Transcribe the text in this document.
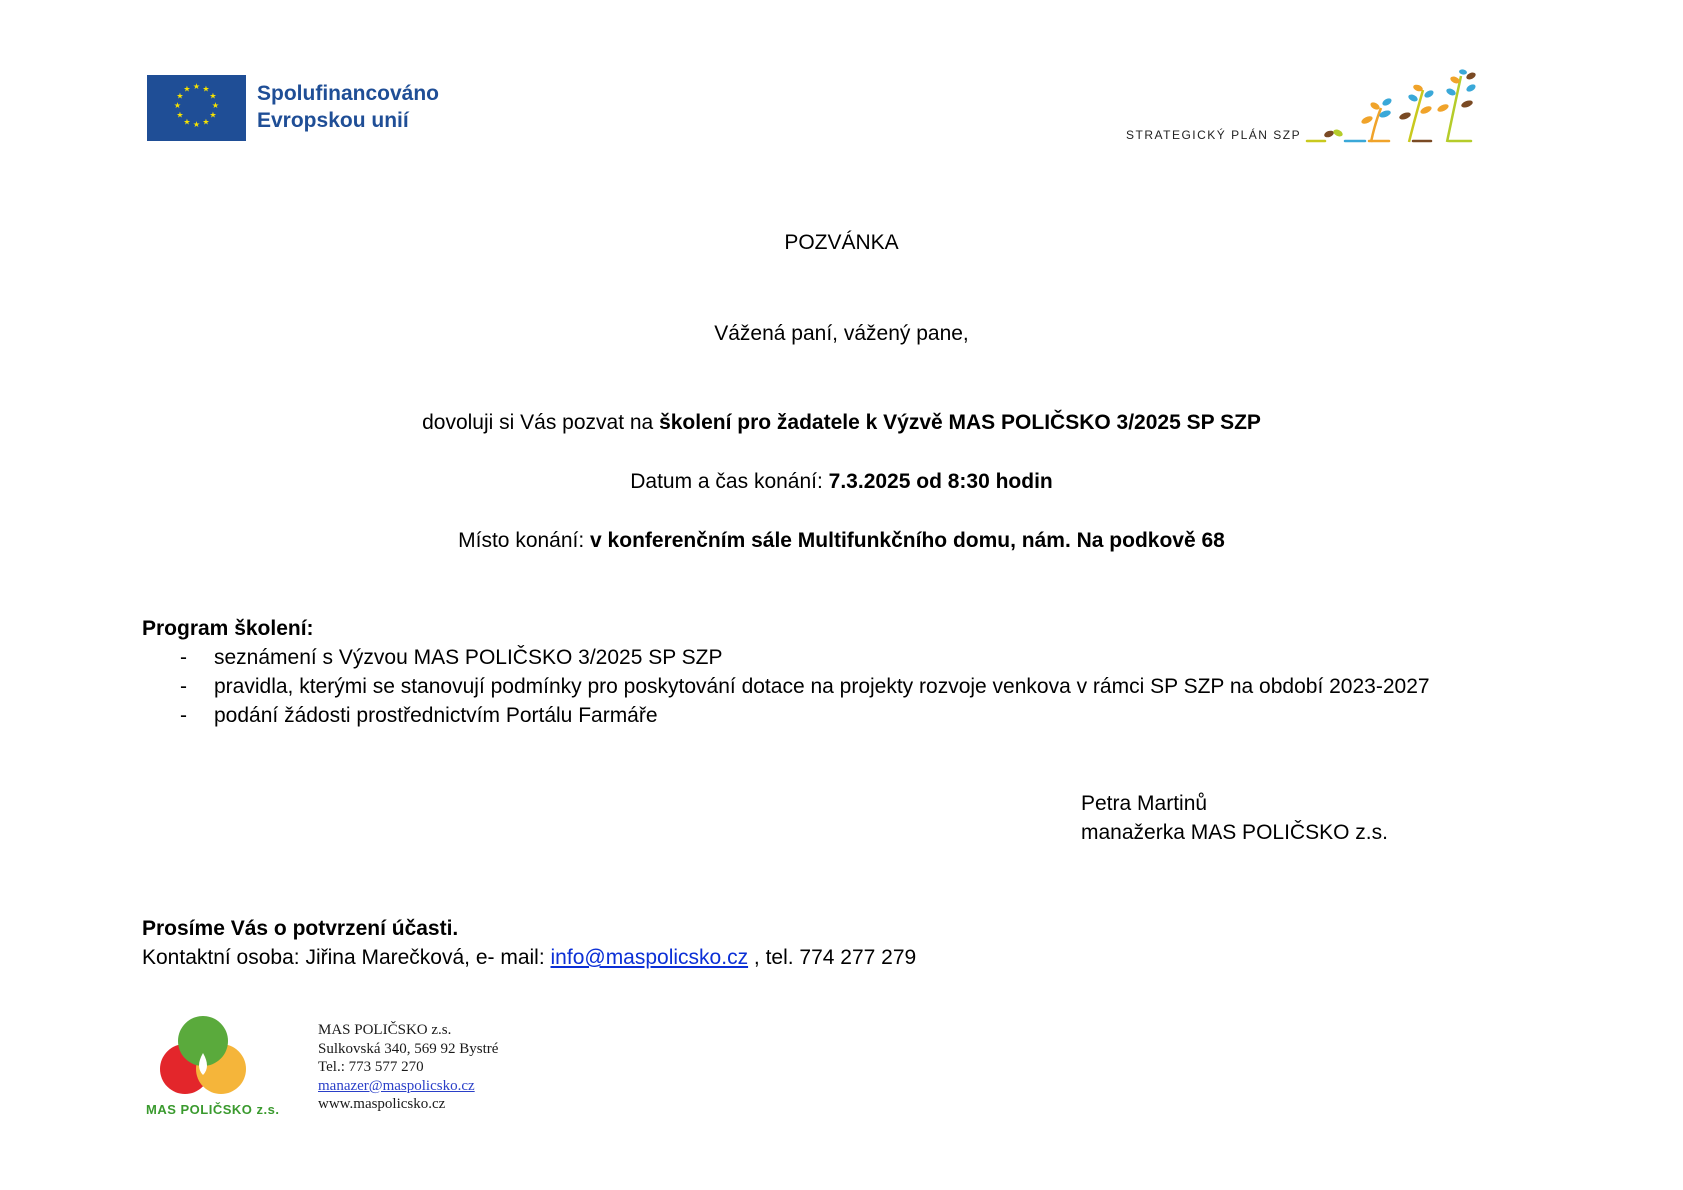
★ ★
★
★
★
★
★
★
★
★
★
★	Spolufinancováno
Evropskou unií
STRATEGICKÝ PLÁN SZP
POZVÁNKA
Vážená paní, vážený pane,
dovoluji si Vás pozvat na školení pro žadatele k Výzvě MAS POLIČSKO 3/2025 SP SZP
Datum a čas konání: 7.3.2025 od 8:30 hodin
Místo konání: v konferenčním sále Multifunkčního domu, nám. Na podkově 68
Program školení:
- seznámení s Výzvou MAS POLIČSKO 3/2025 SP SZP
- pravidla, kterými se stanovují podmínky pro poskytování dotace na projekty rozvoje venkova v rámci SP SZP na období 2023-2027
- podání žádosti prostřednictvím Portálu Farmáře
Petra Martinů
manažerka MAS POLIČSKO z.s.
Prosíme Vás o potvrzení účasti.
Kontaktní osoba: Jiřina Marečková, e- mail: info@maspolicsko.cz , tel. 774 277 279
MAS POLIČSKO z.s.
MAS POLIČSKO z.s.
Sulkovská 340, 569 92 Bystré
Tel.: 773 577 270
manazer@maspolicsko.cz
www.maspolicsko.cz
